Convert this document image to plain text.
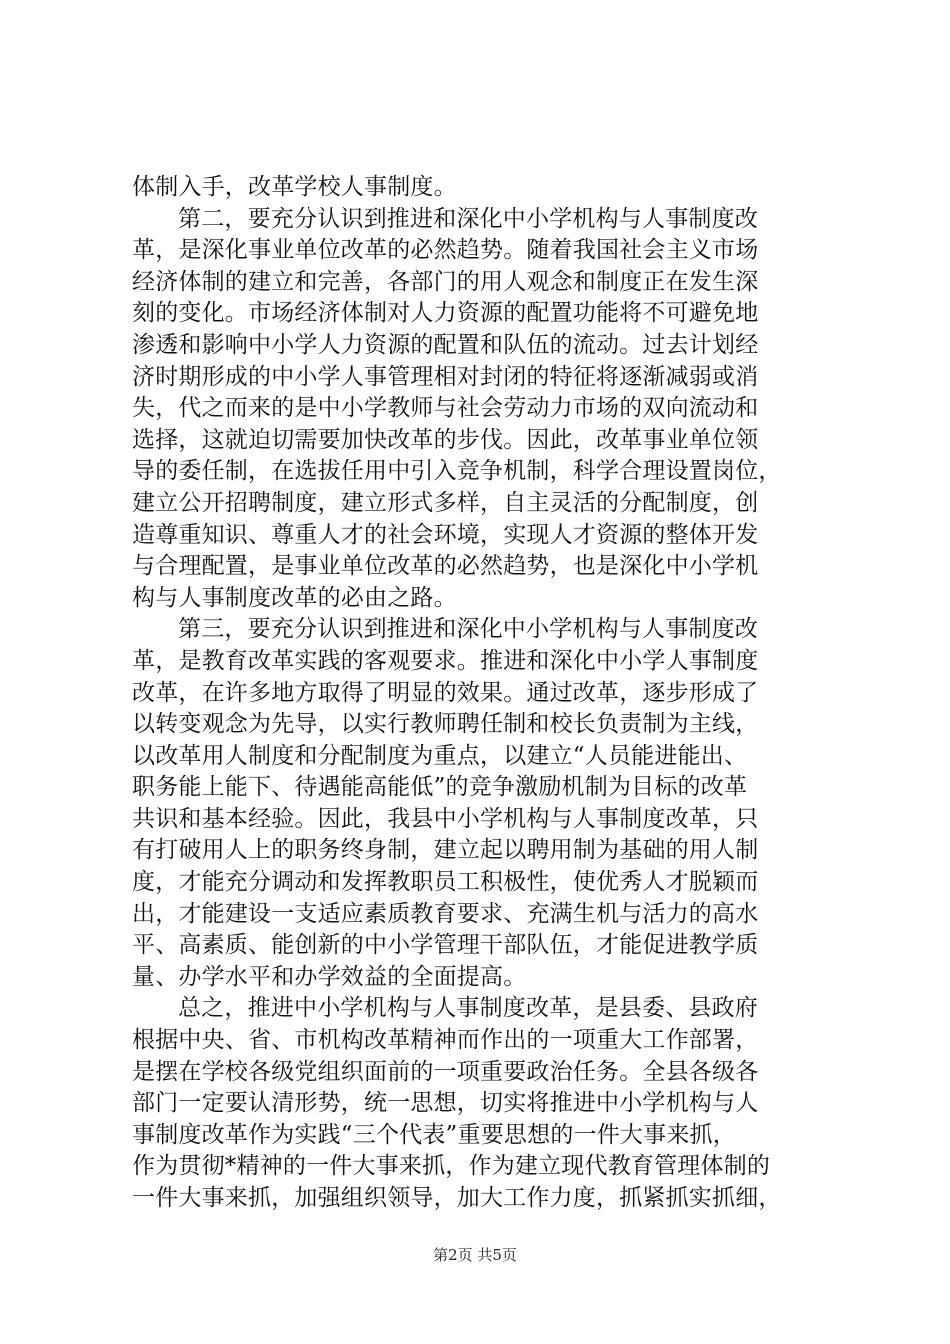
体制入手，改革学校人事制度。
第二，要充分认识到推进和深化中小学机构与人事制度改
革，是深化事业单位改革的必然趋势。随着我国社会主义市场
经济体制的建立和完善，各部门的用人观念和制度正在发生深
刻的变化。市场经济体制对人力资源的配置功能将不可避免地
渗透和影响中小学人力资源的配置和队伍的流动。过去计划经
济时期形成的中小学人事管理相对封闭的特征将逐渐减弱或消
失，代之而来的是中小学教师与社会劳动力市场的双向流动和
选择，这就迫切需要加快改革的步伐。因此，改革事业单位领
导的委任制，在选拔任用中引入竞争机制，科学合理设置岗位，
建立公开招聘制度，建立形式多样，自主灵活的分配制度，创
造尊重知识、尊重人才的社会环境，实现人才资源的整体开发
与合理配置，是事业单位改革的必然趋势，也是深化中小学机
构与人事制度改革的必由之路。
第三，要充分认识到推进和深化中小学机构与人事制度改
革，是教育改革实践的客观要求。推进和深化中小学人事制度
改革，在许多地方取得了明显的效果。通过改革，逐步形成了
以转变观念为先导，以实行教师聘任制和校长负责制为主线，
以改革用人制度和分配制度为重点，以建立“人员能进能出、
职务能上能下、待遇能高能低”的竞争激励机制为目标的改革
共识和基本经验。因此，我县中小学机构与人事制度改革，只
有打破用人上的职务终身制，建立起以聘用制为基础的用人制
度，才能充分调动和发挥教职员工积极性，使优秀人才脱颖而
出，才能建设一支适应素质教育要求、充满生机与活力的高水
平、高素质、能创新的中小学管理干部队伍，才能促进教学质
量、办学水平和办学效益的全面提高。
总之，推进中小学机构与人事制度改革，是县委、县政府
根据中央、省、市机构改革精神而作出的一项重大工作部署，
是摆在学校各级党组织面前的一项重要政治任务。全县各级各
部门一定要认清形势，统一思想，切实将推进中小学机构与人
事制度改革作为实践“三个代表”重要思想的一件大事来抓，
作为贯彻*精神的一件大事来抓，作为建立现代教育管理体制的
一件大事来抓，加强组织领导，加大工作力度，抓紧抓实抓细，
第2页 共5页
